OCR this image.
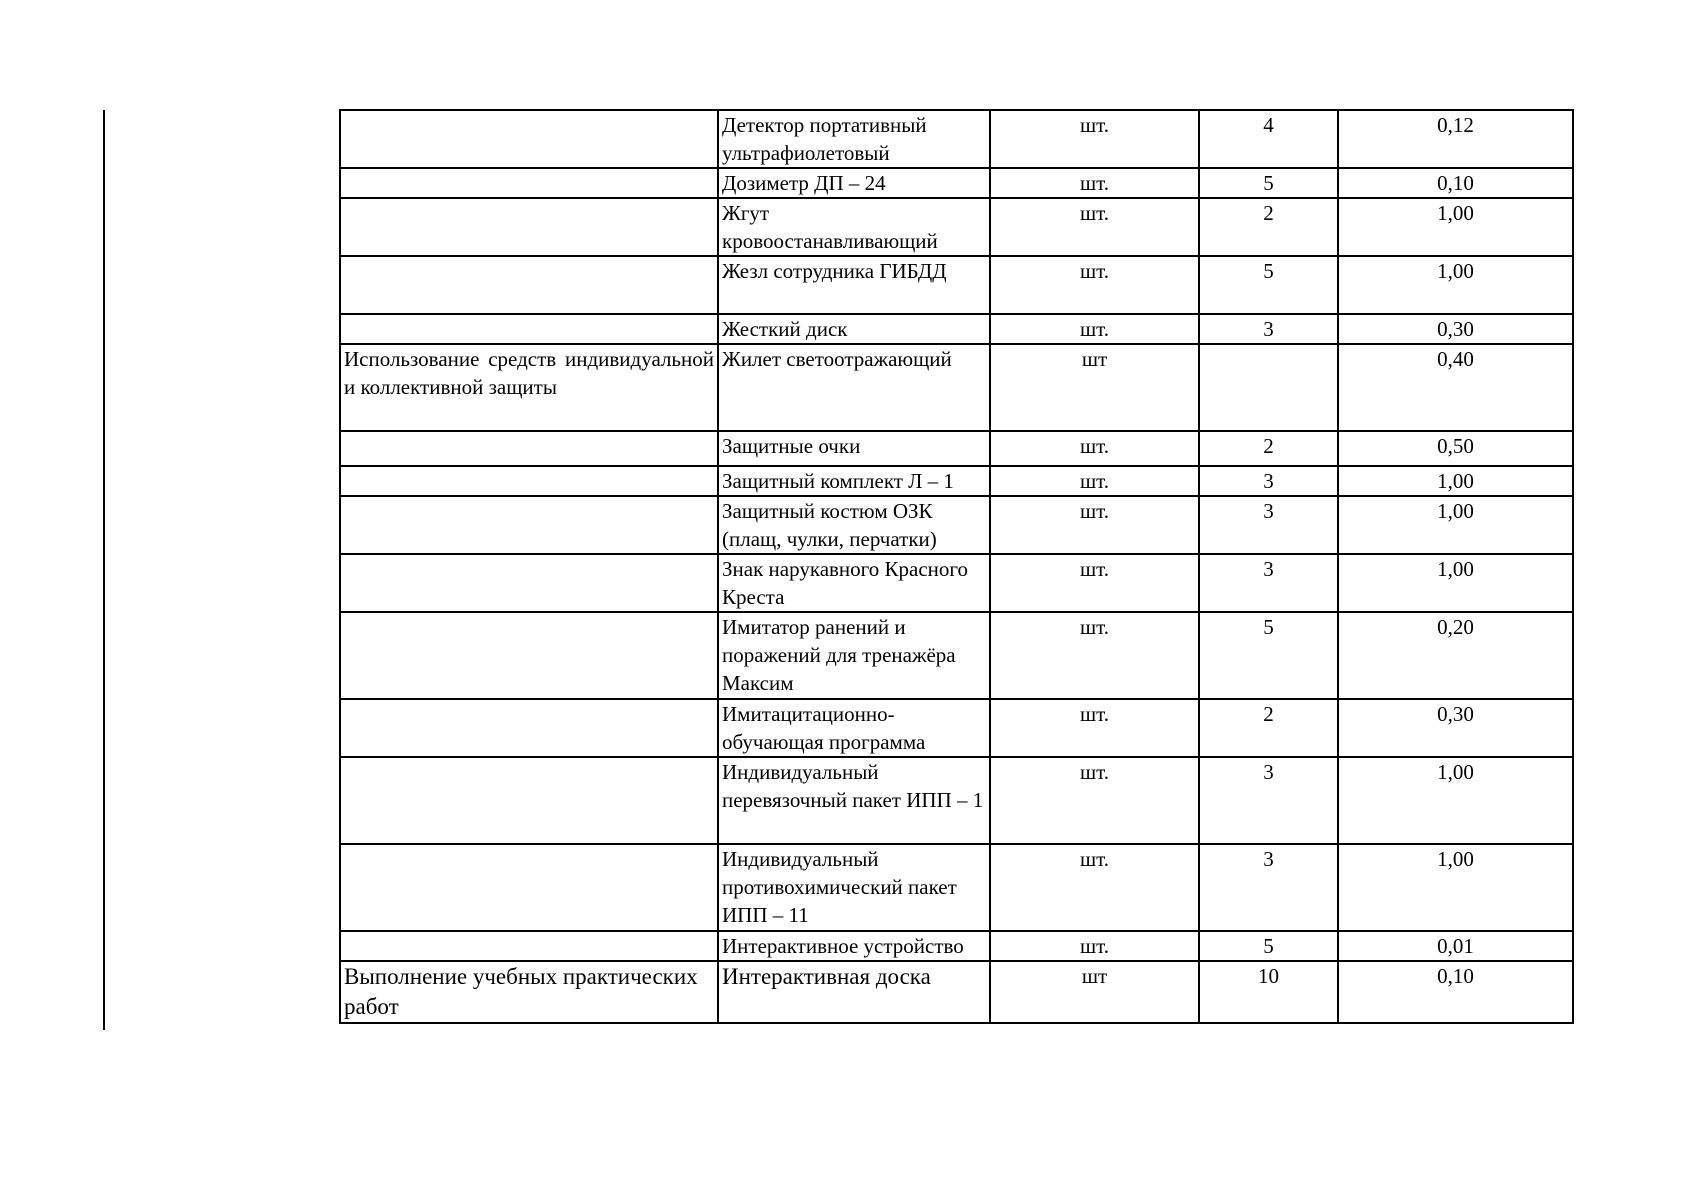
	Детектор портативный ультрафиолетовый	шт.	4	0,12
	Дозиметр ДП – 24	шт.	5	0,10
	Жгут кровоостанавливающий	шт.	2	1,00
	Жезл сотрудника ГИБДД	шт.	5	1,00
	Жесткий диск	шт.	3	0,30
Использование средств индивидуальной и коллективной защиты	Жилет светоотражающий	шт		0,40
	Защитные очки	шт.	2	0,50
	Защитный комплект Л – 1	шт.	3	1,00
	Защитный костюм ОЗК (плащ, чулки, перчатки)	шт.	3	1,00
	Знак нарукавного Красного Креста	шт.	3	1,00
	Имитатор ранений и поражений для тренажёра Максим	шт.	5	0,20
	Имитацитационно-обучающая программа	шт.	2	0,30
	Индивидуальный перевязочный пакет ИПП – 1	шт.	3	1,00
	Индивидуальный противохимический пакет ИПП – 11	шт.	3	1,00
	Интерактивное устройство	шт.	5	0,01
Выполнение учебных практических работ	Интерактивная доска	шт	10	0,10
